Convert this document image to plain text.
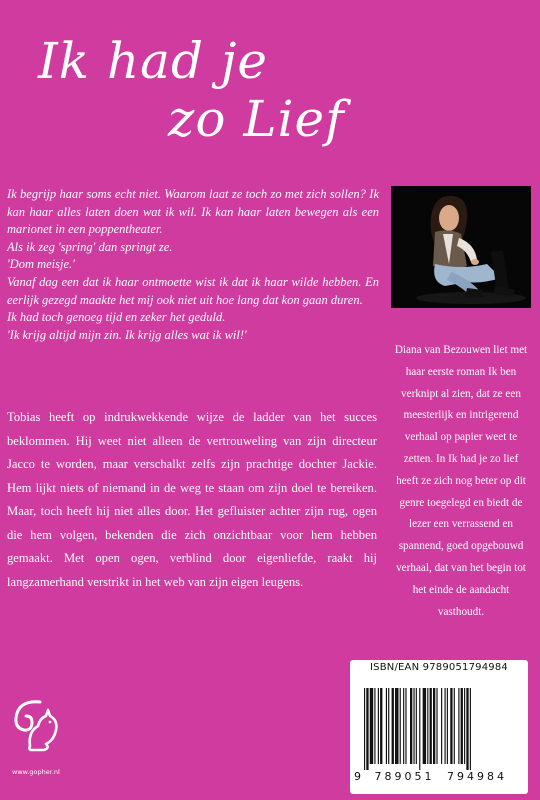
Ik had je
zo Lief

Ik begrijp haar soms echt niet. Waarom laat ze toch zo met zich sollen? Ik kan haar alles laten doen wat ik wil. Ik kan haar laten bewegen als een marionet in een poppentheater.

Als ik zeg 'spring' dan springt ze.

'Dom meisje.'

Vanaf dag een dat ik haar ontmoette wist ik dat ik haar wilde hebben. En eerlijk gezegd maakte het mij ook niet uit hoe lang dat kon gaan duren.

Ik had toch genoeg tijd en zeker het geduld.

'Ik krijg altijd mijn zin. Ik krijg alles wat ik wil!'

Tobias heeft op indrukwekkende wijze de ladder van het succes beklommen. Hij weet niet alleen de vertrouweling van zijn directeur Jacco te worden, maar verschalkt zelfs zijn prachtige dochter Jackie. Hem lijkt niets of niemand in de weg te staan om zijn doel te bereiken. Maar, toch heeft hij niet alles door. Het gefluister achter zijn rug, ogen die hem volgen, bekenden die zich onzichtbaar voor hem hebben gemaakt. Met open ogen, verblind door eigenliefde, raakt hij langzamerhand verstrikt in het web van zijn eigen leugens.

Diana van Bezouwen liet met haar eerste roman Ik ben verknipt al zien, dat ze een meesterlijk en intrigerend verhaal op papier weet te zetten. In Ik had je zo lief heeft ze zich nog beter op dit genre toegelegd en biedt de lezer een verrassend en spannend, goed opgebouwd verhaal, dat van het begin tot het einde de aandacht vasthoudt.
www.gopher.nl
ISBN/EAN 9789051794984
9 789051 794984
